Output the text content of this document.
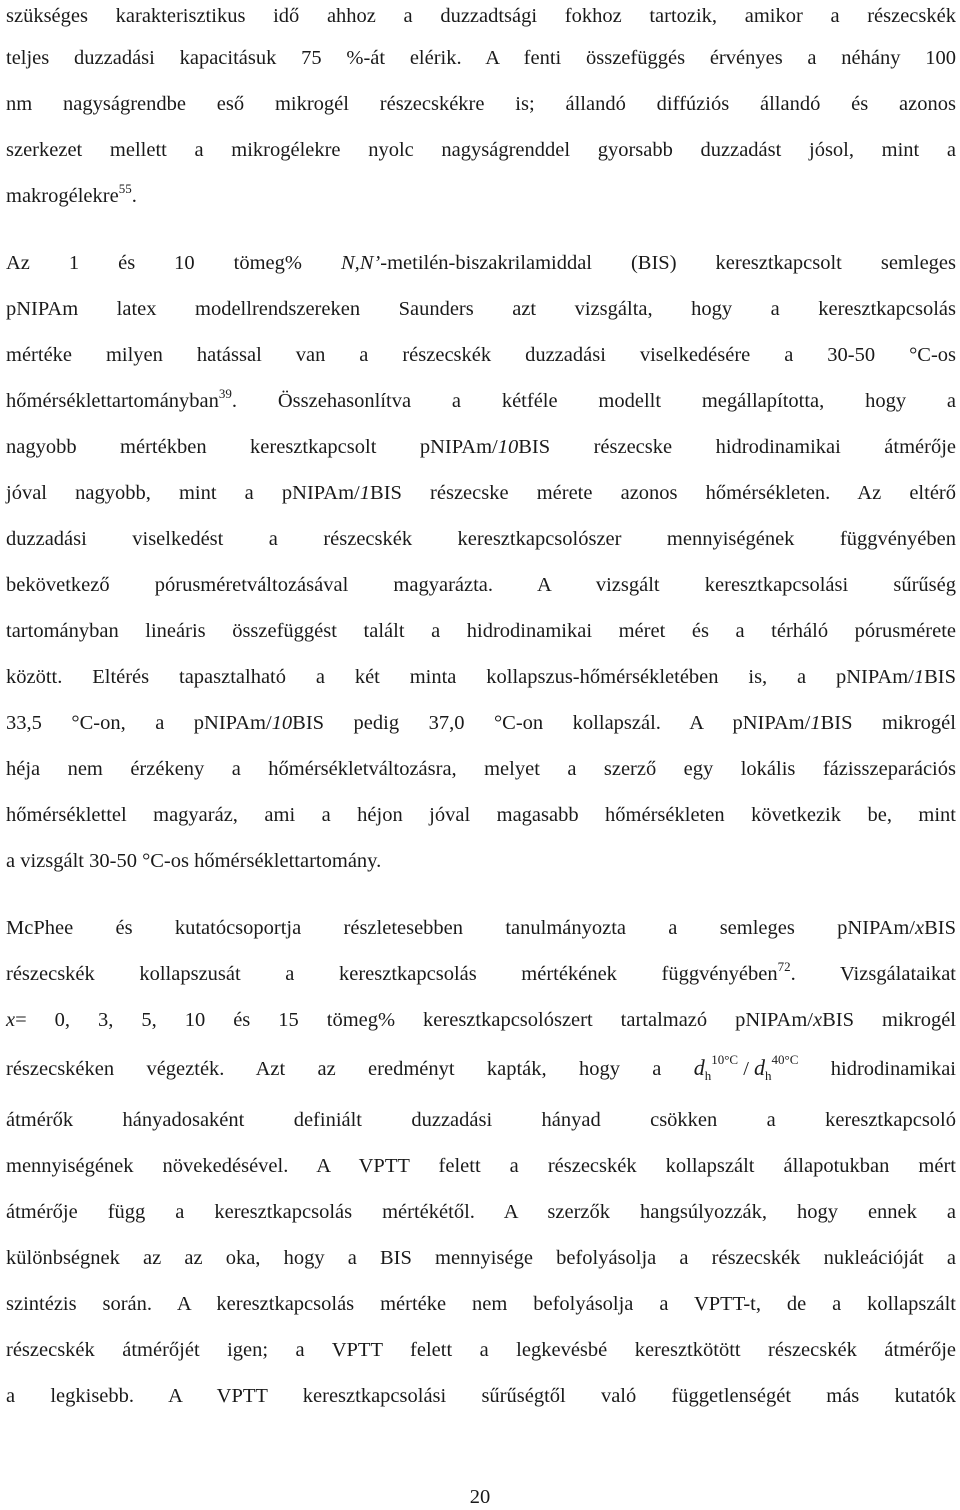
szükséges karakterisztikus idő ahhoz a duzzadtsági fokhoz tartozik, amikor a részecskék
teljes duzzadási kapacitásuk 75 %-át elérik. A fenti összefüggés érvényes a néhány 100
nm nagyságrendbe eső mikrogél részecskékre is; állandó diffúziós állandó és azonos
szerkezet mellett a mikrogélekre nyolc nagyságrenddel gyorsabb duzzadást jósol, mint a
makrogélekre$^{55}$.
Az 1 és 10 tömeg% N,N’-metilén-biszakrilamiddal (BIS) keresztkapcsolt semleges
pNIPAm latex modellrendszereken Saunders azt vizsgálta, hogy a keresztkapcsolás
mértéke milyen hatással van a részecskék duzzadási viselkedésére a 30-50 °C-os
hőmérséklettartományban$^{39}$. Összehasonlítva a kétféle modellt megállapította, hogy a
nagyobb mértékben keresztkapcsolt pNIPAm/10BIS részecske hidrodinamikai átmérője
jóval nagyobb, mint a pNIPAm/1BIS részecske mérete azonos hőmérsékleten. Az eltérő
duzzadási viselkedést a részecskék keresztkapcsolószer mennyiségének függvényében
bekövetkező pórusméretváltozásával magyarázta. A vizsgált keresztkapcsolási sűrűség
tartományban lineáris összefüggést talált a hidrodinamikai méret és a térháló pórusmérete
között. Eltérés tapasztalható a két minta kollapszus-hőmérsékletében is, a pNIPAm/1BIS
33,5 °C-on, a pNIPAm/10BIS pedig 37,0 °C-on kollapszál. A pNIPAm/1BIS mikrogél
héja nem érzékeny a hőmérsékletváltozásra, melyet a szerző egy lokális fázisszeparációs
hőmérséklettel magyaráz, ami a héjon jóval magasabb hőmérsékleten következik be, mint
a vizsgált 30-50 °C-os hőmérséklettartomány.
McPhee és kutatócsoportja részletesebben tanulmányozta a semleges pNIPAm/xBIS
részecskék kollapszusát a keresztkapcsolás mértékének függvényében$^{72}$. Vizsgálataikat
x= 0, 3, 5, 10 és 15 tömeg% keresztkapcsolószert tartalmazó pNIPAm/xBIS mikrogél
részecskéken végezték. Azt az eredményt kapták, hogy a $d_h^{10^\circ C} / d_h^{40^\circ C}$ hidrodinamikai
átmérők hányadosaként definiált duzzadási hányad csökken a keresztkapcsoló
mennyiségének növekedésével. A VPTT felett a részecskék kollapszált állapotukban mért
átmérője függ a keresztkapcsolás mértékétől. A szerzők hangsúlyozzák, hogy ennek a
különbségnek az az oka, hogy a BIS mennyisége befolyásolja a részecskék nukleációját a
szintézis során. A keresztkapcsolás mértéke nem befolyásolja a VPTT-t, de a kollapszált
részecskék átmérőjét igen; a VPTT felett a legkevésbé keresztkötött részecskék átmérője
a legkisebb. A VPTT keresztkapcsolási sűrűségtől való függetlenségét más kutatók
20
